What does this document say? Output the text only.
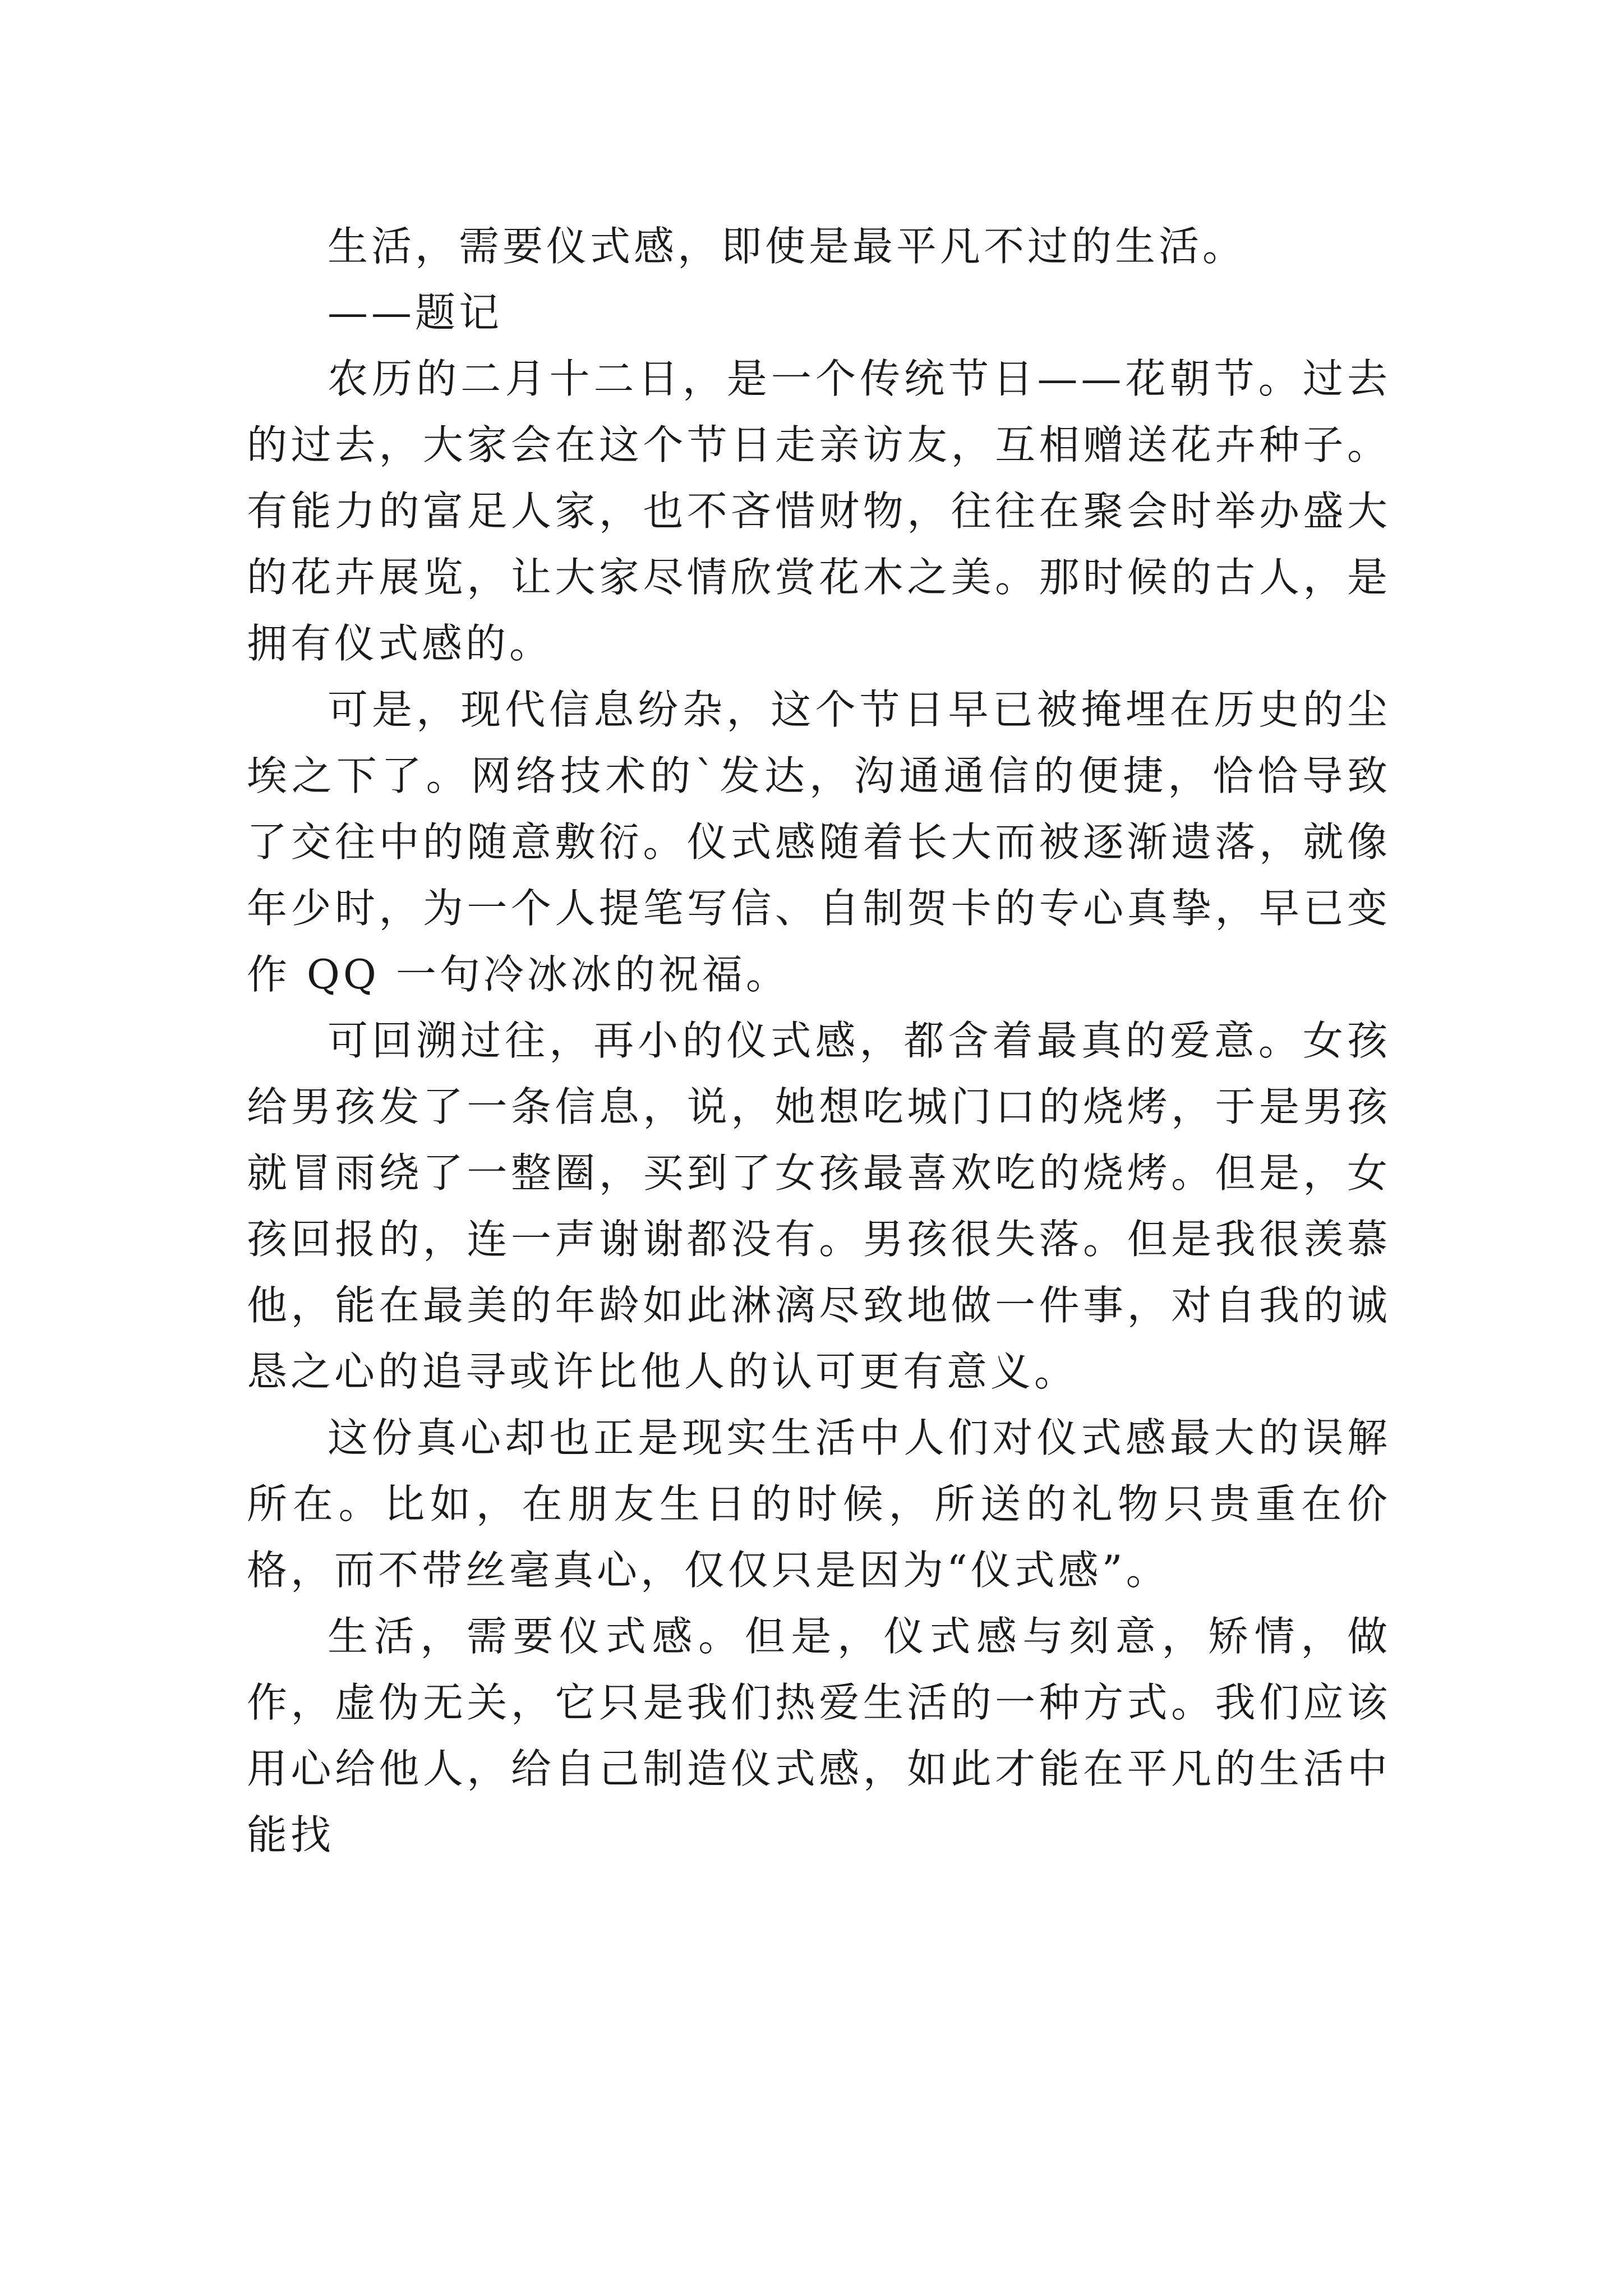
生活，需要仪式感，即使是最平凡不过的生活。

——题记

农历的二月十二日，是一个传统节日——花朝节。过去的过去，大家会在这个节日走亲访友，互相赠送花卉种子。有能力的富足人家，也不吝惜财物，往往在聚会时举办盛大的花卉展览，让大家尽情欣赏花木之美。那时候的古人，是拥有仪式感的。

可是，现代信息纷杂，这个节日早已被掩埋在历史的尘埃之下了。网络技术的`发达，沟通通信的便捷，恰恰导致了交往中的随意敷衍。仪式感随着长大而被逐渐遗落，就像年少时，为一个人提笔写信、自制贺卡的专心真挚，早已变作 QQ 一句冷冰冰的祝福。

可回溯过往，再小的仪式感，都含着最真的爱意。女孩给男孩发了一条信息，说，她想吃城门口的烧烤，于是男孩就冒雨绕了一整圈，买到了女孩最喜欢吃的烧烤。但是，女孩回报的，连一声谢谢都没有。男孩很失落。但是我很羡慕他，能在最美的年龄如此淋漓尽致地做一件事，对自我的诚恳之心的追寻或许比他人的认可更有意义。

这份真心却也正是现实生活中人们对仪式感最大的误解所在。比如，在朋友生日的时候，所送的礼物只贵重在价格，而不带丝毫真心，仅仅只是因为“仪式感”。

生活，需要仪式感。但是，仪式感与刻意，矫情，做作，虚伪无关，它只是我们热爱生活的一种方式。我们应该用心给他人，给自己制造仪式感，如此才能在平凡的生活中能找
